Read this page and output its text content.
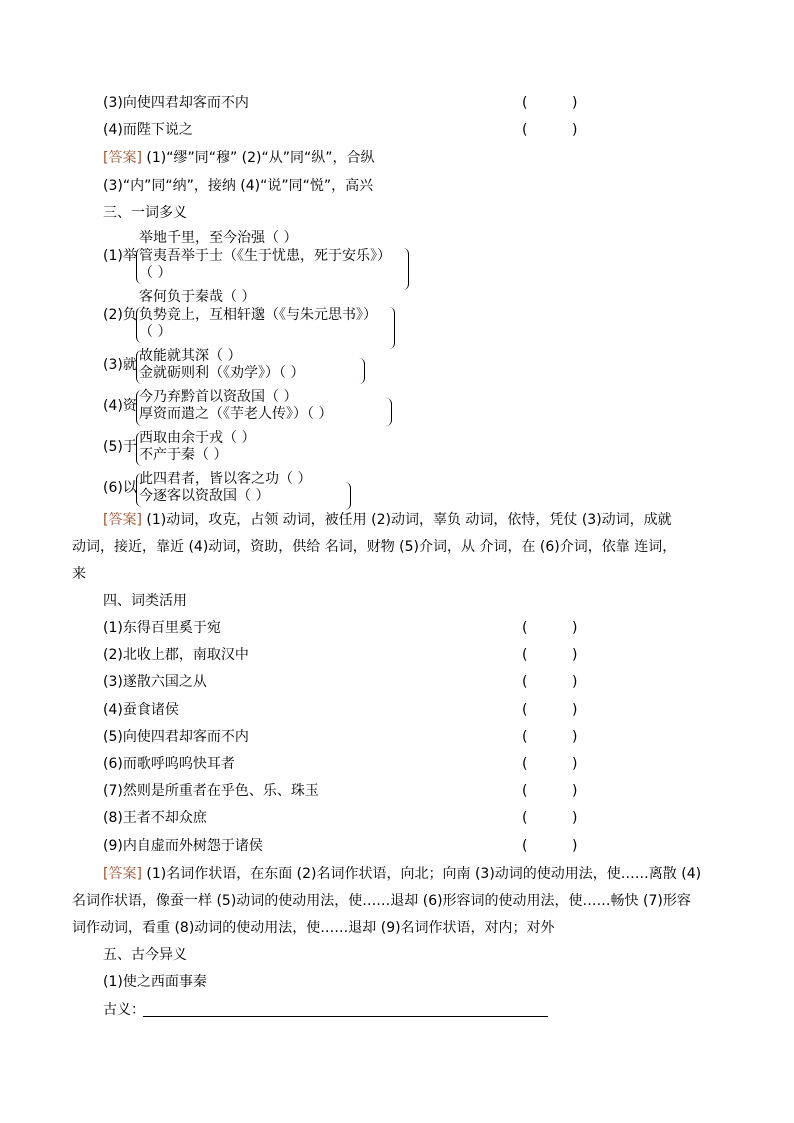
(3)向使四君却客而不内	(          )
(4)而陛下说之	(          )
[答案] (1)“缪”同“穆” (2)“从”同“纵”，合纵
(3)“内”同“纳”，接纳 (4)“说”同“悦”，高兴
三、一词多义
(1)举
举地千里，至今治强（ ）
管夷吾举于士（《生于忧患，死于安乐》）
（ ）
(2)负
客何负于秦哉（ ）
负势竞上，互相轩邈（《与朱元思书》）
（ ）
(3)就
故能就其深（ ）
金就砺则利（《劝学》）（ ）
(4)资
今乃弃黔首以资敌国（ ）
厚资而遣之（《芋老人传》）（ ）
(5)于
西取由余于戎（ ）
不产于秦（ ）
(6)以
此四君者，皆以客之功（ ）
今逐客以资敌国（ ）
[答案] (1)动词，攻克，占领 动词，被任用 (2)动词，辜负 动词，依恃，凭仗 (3)动词，成就
动词，接近，靠近 (4)动词，资助，供给 名词，财物 (5)介词，从 介词，在 (6)介词，依靠 连词，
来
四、词类活用
(1)东得百里奚于宛	(          )
(2)北收上郡，南取汉中	(          )
(3)遂散六国之从	(          )
(4)蚕食诸侯	(          )
(5)向使四君却客而不内	(          )
(6)而歌呼呜呜快耳者	(          )
(7)然则是所重者在乎色、乐、珠玉	(          )
(8)王者不却众庶	(          )
(9)内自虚而外树怨于诸侯	(          )
[答案] (1)名词作状语，在东面 (2)名词作状语，向北；向南 (3)动词的使动用法，使……离散 (4)
名词作状语，像蚕一样 (5)动词的使动用法，使……退却 (6)形容词的使动用法，使……畅快 (7)形容
词作动词，看重 (8)动词的使动用法，使……退却 (9)名词作状语，对内；对外
五、古今异义
(1)使之西面事秦
古义：
